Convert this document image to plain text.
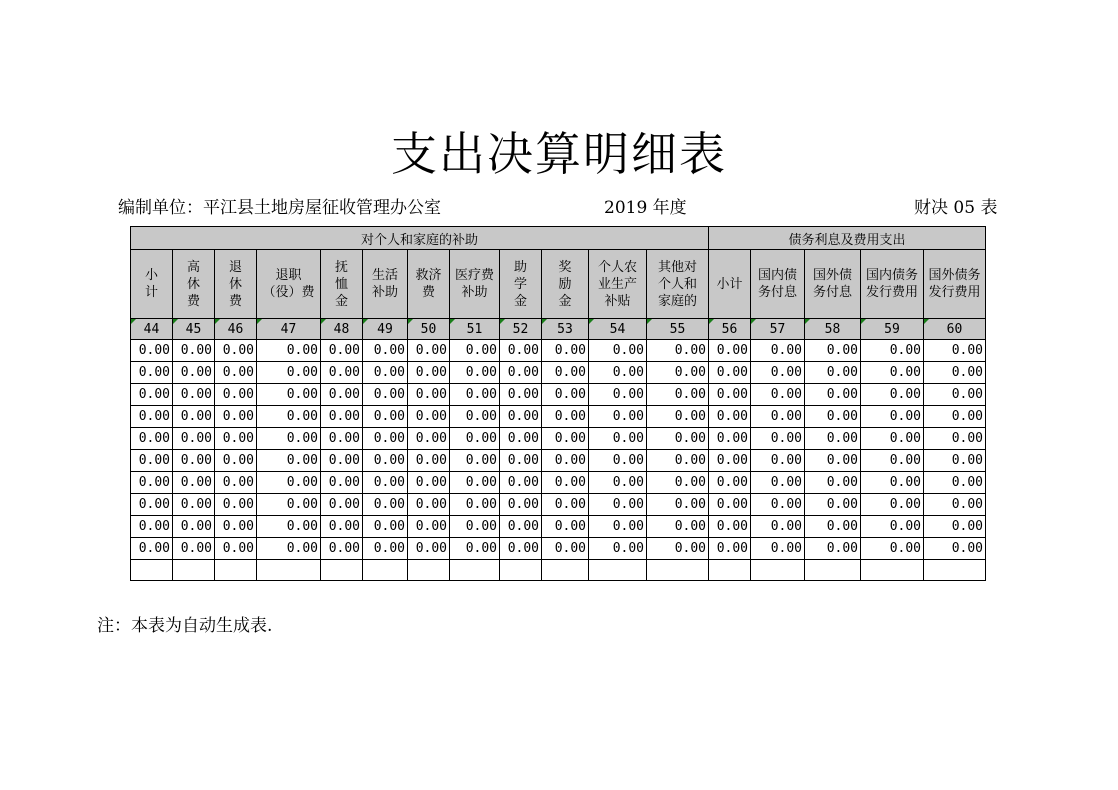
支出决算明细表
编制单位：平江县土地房屋征收管理办公室	2019 年度	财决 05 表
对个人和家庭的补助												债务利息及费用支出				
小
计	高
休
费	退
休
费	退职
（役）费	抚
恤
金	生活
补助	救济
费	医疗费
补助	助
学
金	奖
励
金	个人农
业生产
补贴	其他对
个人和
家庭的	小计	国内债
务付息	国外债
务付息	国内债务
发行费用	国外债务
发行费用
44	45	46	47	48	49	50	51	52	53	54	55	56	57	58	59	60
0.00	0.00	0.00	0.00	0.00	0.00	0.00	0.00	0.00	0.00	0.00	0.00	0.00	0.00	0.00	0.00	0.00
0.00	0.00	0.00	0.00	0.00	0.00	0.00	0.00	0.00	0.00	0.00	0.00	0.00	0.00	0.00	0.00	0.00
0.00	0.00	0.00	0.00	0.00	0.00	0.00	0.00	0.00	0.00	0.00	0.00	0.00	0.00	0.00	0.00	0.00
0.00	0.00	0.00	0.00	0.00	0.00	0.00	0.00	0.00	0.00	0.00	0.00	0.00	0.00	0.00	0.00	0.00
0.00	0.00	0.00	0.00	0.00	0.00	0.00	0.00	0.00	0.00	0.00	0.00	0.00	0.00	0.00	0.00	0.00
0.00	0.00	0.00	0.00	0.00	0.00	0.00	0.00	0.00	0.00	0.00	0.00	0.00	0.00	0.00	0.00	0.00
0.00	0.00	0.00	0.00	0.00	0.00	0.00	0.00	0.00	0.00	0.00	0.00	0.00	0.00	0.00	0.00	0.00
0.00	0.00	0.00	0.00	0.00	0.00	0.00	0.00	0.00	0.00	0.00	0.00	0.00	0.00	0.00	0.00	0.00
0.00	0.00	0.00	0.00	0.00	0.00	0.00	0.00	0.00	0.00	0.00	0.00	0.00	0.00	0.00	0.00	0.00
0.00	0.00	0.00	0.00	0.00	0.00	0.00	0.00	0.00	0.00	0.00	0.00	0.00	0.00	0.00	0.00	0.00

注：本表为自动生成表.
